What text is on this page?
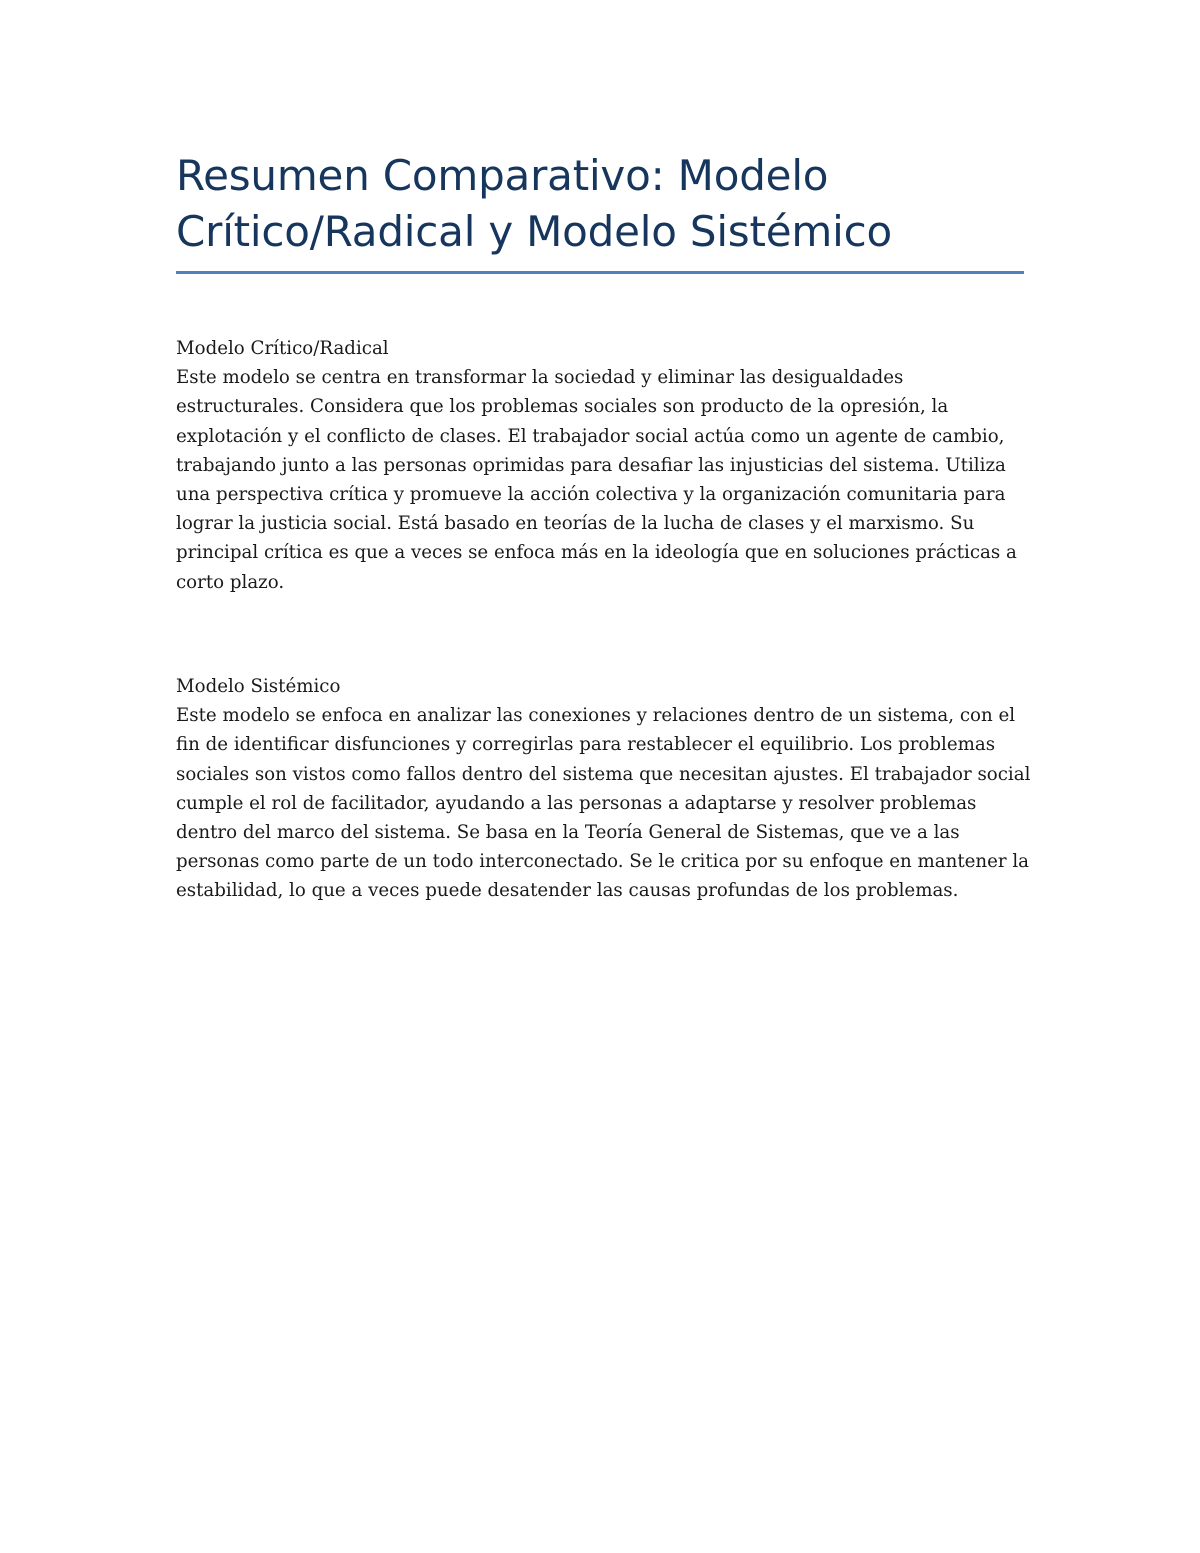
Resumen Comparativo: Modelo Crítico/Radical y Modelo Sistémico

Modelo Crítico/Radical

Este modelo se centra en transformar la sociedad y eliminar las desigualdades estructurales. Considera que los problemas sociales son producto de la opresión, la explotación y el conflicto de clases. El trabajador social actúa como un agente de cambio, trabajando junto a las personas oprimidas para desafiar las injusticias del sistema. Utiliza una perspectiva crítica y promueve la acción colectiva y la organización comunitaria para lograr la justicia social. Está basado en teorías de la lucha de clases y el marxismo. Su principal crítica es que a veces se enfoca más en la ideología que en soluciones prácticas a corto plazo.

Modelo Sistémico

Este modelo se enfoca en analizar las conexiones y relaciones dentro de un sistema, con el fin de identificar disfunciones y corregirlas para restablecer el equilibrio. Los problemas sociales son vistos como fallos dentro del sistema que necesitan ajustes. El trabajador social cumple el rol de facilitador, ayudando a las personas a adaptarse y resolver problemas dentro del marco del sistema. Se basa en la Teoría General de Sistemas, que ve a las personas como parte de un todo interconectado. Se le critica por su enfoque en mantener la estabilidad, lo que a veces puede desatender las causas profundas de los problemas.
